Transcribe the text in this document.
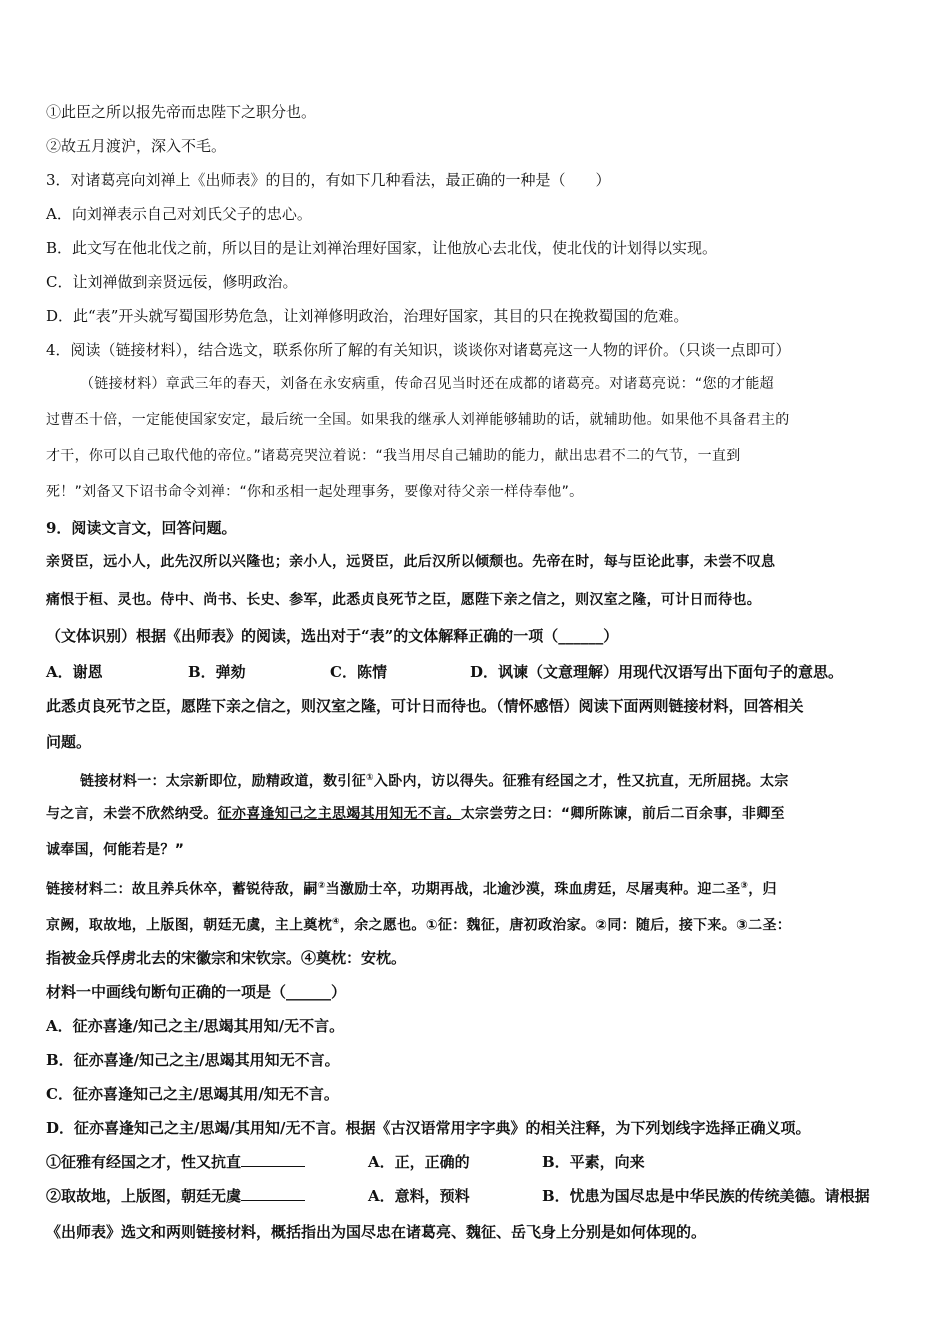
①此臣之所以报先帝而忠陛下之职分也。
②故五月渡沪，深入不毛。
3．对诸葛亮向刘禅上《出师表》的目的，有如下几种看法，最正确的一种是（　　）
A．向刘禅表示自己对刘氏父子的忠心。
B．此文写在他北伐之前，所以目的是让刘禅治理好国家，让他放心去北伐，使北伐的计划得以实现。
C．让刘禅做到亲贤远佞，修明政治。
D．此“表”开头就写蜀国形势危急，让刘禅修明政治，治理好国家，其目的只在挽救蜀国的危难。
4．阅读（链接材料），结合选文，联系你所了解的有关知识，谈谈你对诸葛亮这一人物的评价。（只谈一点即可）
（链接材料）章武三年的春天，刘备在永安病重，传命召见当时还在成都的诸葛亮。对诸葛亮说：“您的才能超
过曹丕十倍，一定能使国家安定，最后统一全国。如果我的继承人刘禅能够辅助的话，就辅助他。如果他不具备君主的
才干，你可以自己取代他的帝位。”诸葛亮哭泣着说：“我当用尽自己辅助的能力，献出忠君不二的气节，一直到
死！”刘备又下诏书命令刘禅：“你和丞相一起处理事务，要像对待父亲一样侍奉他”。
9．阅读文言文，回答问题。
亲贤臣，远小人，此先汉所以兴隆也；亲小人，远贤臣，此后汉所以倾颓也。先帝在时，每与臣论此事，未尝不叹息
痛恨于桓、灵也。侍中、尚书、长史、参军，此悉贞良死节之臣，愿陛下亲之信之，则汉室之隆，可计日而待也。
（文体识别）根据《出师表》的阅读，选出对于“表”的文体解释正确的一项（______）
A．谢恩	B．弹劾	C．陈情	D．讽谏（文意理解）用现代汉语写出下面句子的意思。
此悉贞良死节之臣，愿陛下亲之信之，则汉室之隆，可计日而待也。（情怀感悟）阅读下面两则链接材料，回答相关
问题。
链接材料一：太宗新即位，励精政道，数引征①入卧内，访以得失。征雅有经国之才，性又抗直，无所屈挠。太宗
与之言，未尝不欣然纳受。征亦喜逢知己之主思竭其用知无不言。太宗尝劳之曰：“卿所陈谏，前后二百余事，非卿至
诚奉国，何能若是？”
链接材料二：故且养兵休卒，蓄锐待敌，嗣②当激励士卒，功期再战，北逾沙漠，珠血虏廷，尽屠夷种。迎二圣③，归
京阙，取故地，上版图，朝廷无虞，主上奠枕④，余之愿也。①征：魏征，唐初政治家。②同：随后，接下来。③二圣：
指被金兵俘虏北去的宋徽宗和宋钦宗。④奠枕：安枕。
材料一中画线句断句正确的一项是（______）
A．征亦喜逢/知己之主/思竭其用知/无不言。
B．征亦喜逢/知己之主/思竭其用知无不言。
C．征亦喜逢知己之主/思竭其用/知无不言。
D．征亦喜逢知己之主/思竭/其用知/无不言。根据《古汉语常用字字典》的相关注释，为下列划线字选择正确义项。
①征雅有经国之才，性又抗直	A．正，正确的	B．平素，向来
②取故地，上版图，朝廷无虞	A．意料，预料	B．忧患为国尽忠是中华民族的传统美德。请根据
《出师表》选文和两则链接材料，概括指出为国尽忠在诸葛亮、魏征、岳飞身上分别是如何体现的。
